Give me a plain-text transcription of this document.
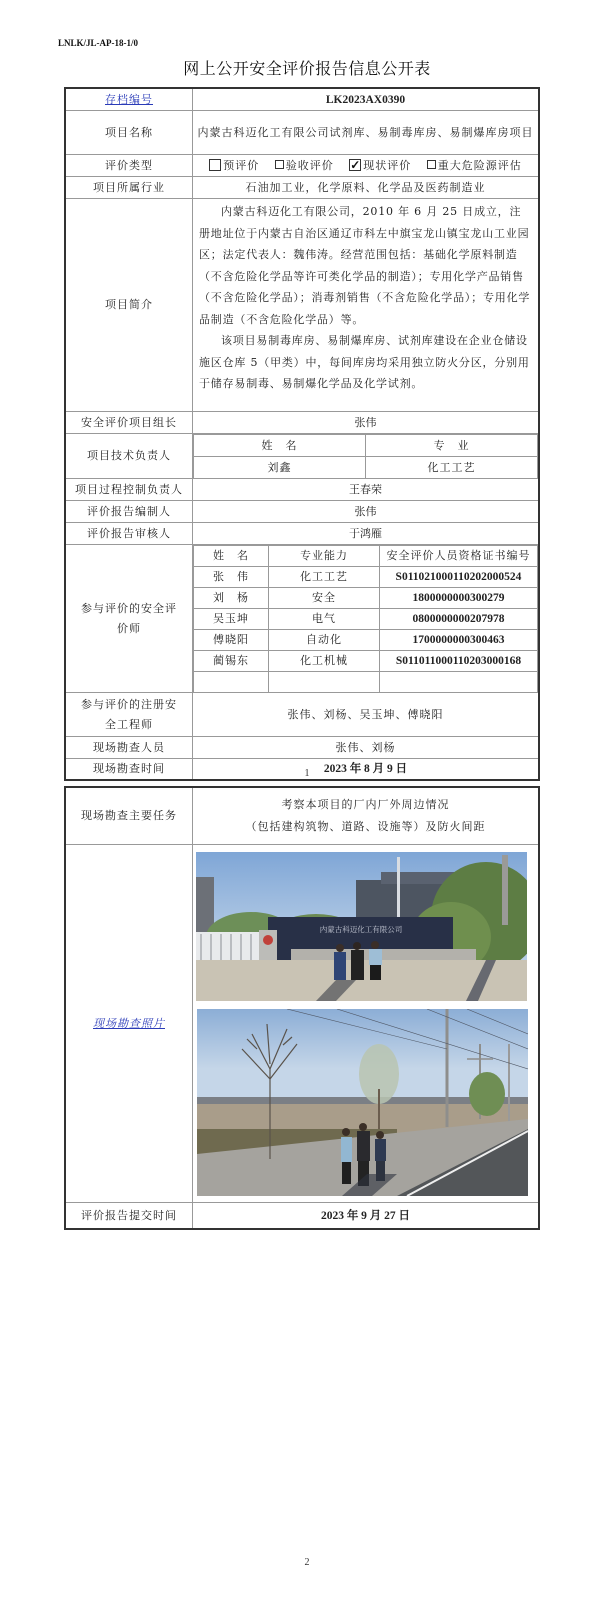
LNLK/JL-AP-18-1/0
网上公开安全评价报告信息公开表
存档编号	LK2023AX0390
项目名称	内蒙古科迈化工有限公司试剂库、易制毒库房、易制爆库房项目
评价类型	预评价 验收评价 ✓	现状评价 重大危险源评估
项目所属行业	石油加工业，化学原料、化学品及医药制造业
项目简介	

内蒙古科迈化工有限公司，2010 年 6 月 25 日成立，注册地址位于内蒙古自治区通辽市科左中旗宝龙山镇宝龙山工业园区；法定代表人：魏伟涛。经营范围包括：基础化学原料制造（不含危险化学品等许可类化学品的制造）；专用化学产品销售（不含危险化学品）；消毒剂销售（不含危险化学品）；专用化学品制造（不含危险化学品）等。

该项目易制毒库房、易制爆库房、试剂库建设在企业仓储设施区仓库 5（甲类）中，每间库房均采用独立防火分区，分别用于储存易制毒、易制爆化学品及化学试剂。

安全评价项目组长	张伟
项目技术负责人	
姓　名	专　业
刘鑫	化工工艺

项目过程控制负责人	王春荣
评价报告编制人	张伟
评价报告审核人	于鸿雁
参与评价的安全评价师	
姓　名	专业能力	安全评价人员资格证书编号
张　伟	化工工艺	S011021000110202000524
刘　杨	安全	1800000000300279
吴玉坤	电气	0800000000207978
傅晓阳	自动化	1700000000300463
蔺锡东	化工机械	S011011000110203000168

参与评价的注册安全工程师	张伟、刘杨、吴玉坤、傅晓阳
现场勘查人员	张伟、刘杨
现场勘查时间	2023 年 8 月 9 日
1
现场勘查主要任务	考察本项目的厂内厂外周边情况
（包括建构筑物、道路、设施等）及防火间距

现场勘查照片	
评价报告提交时间	2023 年 9 月 27 日
内蒙古科迈化工有限公司
2
